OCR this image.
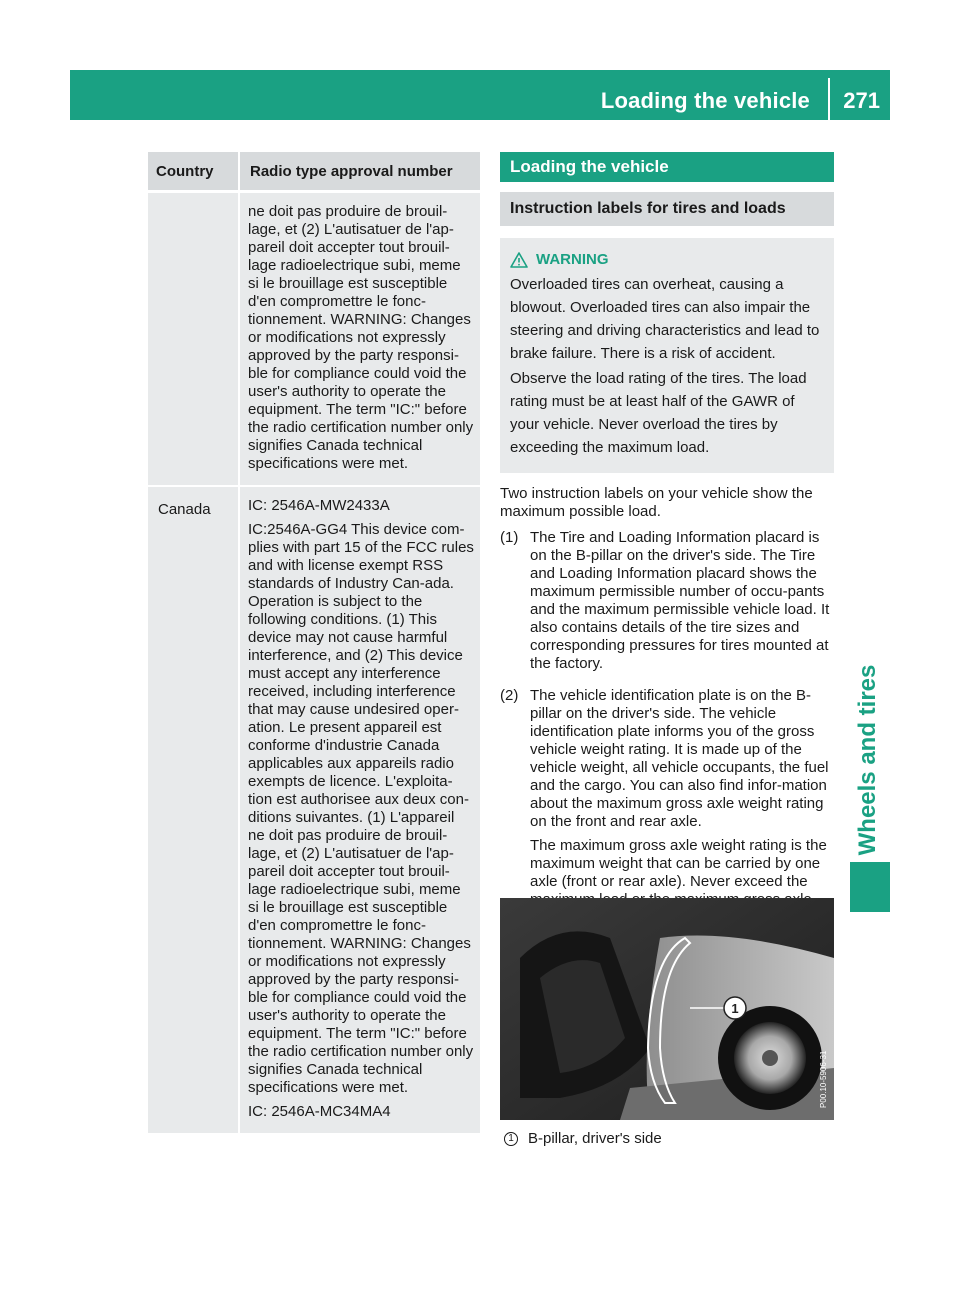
Loading the vehicle 271
Wheels and tires
Country	Radio type approval number

ne doit pas produire de brouil-lage, et (2) L'autisatuer de l'ap-pareil doit accepter tout brouil-lage radioelectrique subi, meme si le brouillage est susceptible d'en compromettre le fonc-tionnement. WARNING: Changes or modifications not expressly approved by the party responsi-ble for compliance could void the user's authority to operate the equipment. The term "IC:" before the radio certification number only signifies Canada technical specifications were met.

Canada	IC: 2546A-MW2433A

IC:2546A-GG4 This device com-plies with part 15 of the FCC rules and with license exempt RSS standards of Industry Can-ada. Operation is subject to the following conditions. (1) This device may not cause harmful interference, and (2) This device must accept any interference received, including interference that may cause undesired oper-ation. Le present appareil est conforme d'industrie Canada applicables aux appareils radio exempts de licence. L'exploita-tion est authorisee aux deux con-ditions suivantes. (1) L'appareil ne doit pas produire de brouil-lage, et (2) L'autisatuer de l'ap-pareil doit accepter tout brouil-lage radioelectrique subi, meme si le brouillage est susceptible d'en compromettre le fonc-tionnement. WARNING: Changes or modifications not expressly approved by the party responsi-ble for compliance could void the user's authority to operate the equipment. The term "IC:" before the radio certification number only signifies Canada technical specifications were met.

IC: 2546A-MC34MA4

Loading the vehicle
Instruction labels for tires and loads
WARNING

Overloaded tires can overheat, causing a blowout. Overloaded tires can also impair the steering and driving characteristics and lead to brake failure. There is a risk of accident.

Observe the load rating of the tires. The load rating must be at least half of the GAWR of your vehicle. Never overload the tires by exceeding the maximum load.

Two instruction labels on your vehicle show the maximum possible load.

(1) The Tire and Loading Information placard is on the B-pillar on the driver's side. The Tire and Loading Information placard shows the maximum permissible number of occu-pants and the maximum permissible vehicle load. It also contains details of the tire sizes and corresponding pressures for tires mounted at the factory.

(2) The vehicle identification plate is on the B-pillar on the driver's side. The vehicle identification plate informs you of the gross vehicle weight rating. It is made up of the vehicle weight, all vehicle occupants, the fuel and the cargo. You can also find infor-mation about the maximum gross axle weight rating on the front and rear axle.

The maximum gross axle weight rating is the maximum weight that can be carried by one axle (front or rear axle). Never exceed the

1
P00.10-5906-31
1 B-pillar, driver's side
